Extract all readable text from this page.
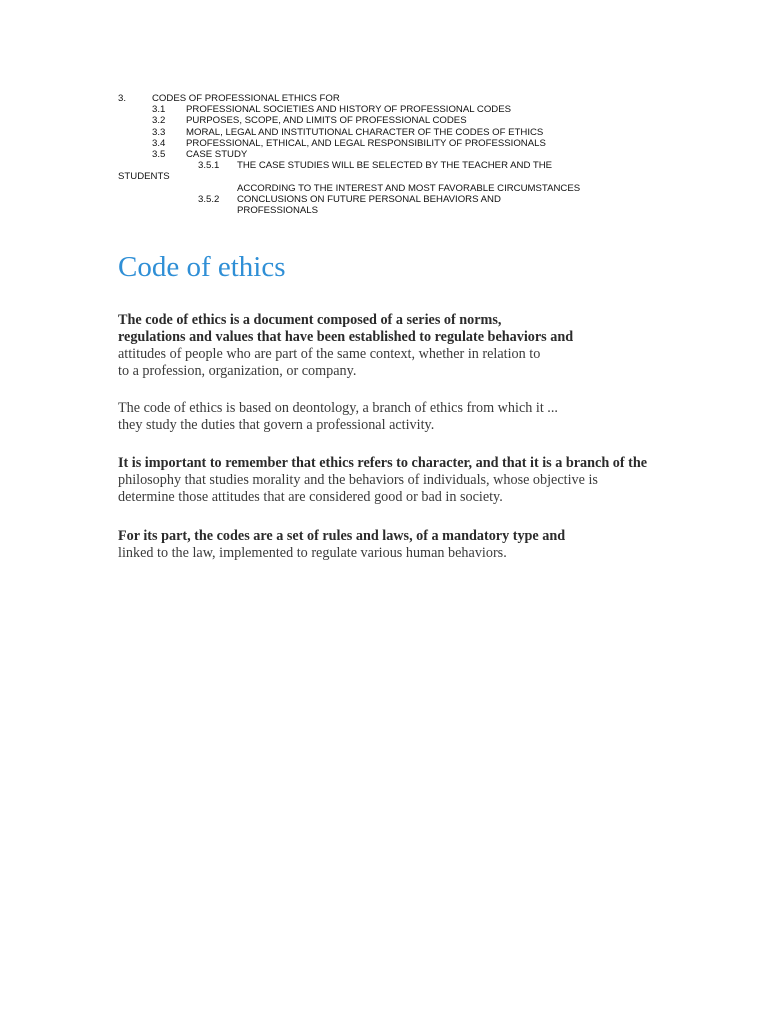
3.	CODES OF PROFESSIONAL ETHICS FOR
3.1 PROFESSIONAL SOCIETIES AND HISTORY OF PROFESSIONAL CODES
3.2 PURPOSES, SCOPE, AND LIMITS OF PROFESSIONAL CODES
3.3 MORAL, LEGAL AND INSTITUTIONAL CHARACTER OF THE CODES OF ETHICS
3.4 PROFESSIONAL, ETHICAL, AND LEGAL RESPONSIBILITY OF PROFESSIONALS
3.5 CASE STUDY
3.5.1 THE CASE STUDIES WILL BE SELECTED BY THE TEACHER AND THE
STUDENTS
ACCORDING TO THE INTEREST AND MOST FAVORABLE CIRCUMSTANCES
3.5.2 CONCLUSIONS ON FUTURE PERSONAL BEHAVIORS AND
PROFESSIONALS
Code of ethics

The code of ethics is a document composed of a series of norms,
regulations and values that have been established to regulate behaviors and
attitudes of people who are part of the same context, whether in relation to
to a profession, organization, or company.

The code of ethics is based on deontology, a branch of ethics from which it ...
they study the duties that govern a professional activity.

It is important to remember that ethics refers to character, and that it is a branch of the
philosophy that studies morality and the behaviors of individuals, whose objective is
determine those attitudes that are considered good or bad in society.

For its part, the codes are a set of rules and laws, of a mandatory type and
linked to the law, implemented to regulate various human behaviors.
